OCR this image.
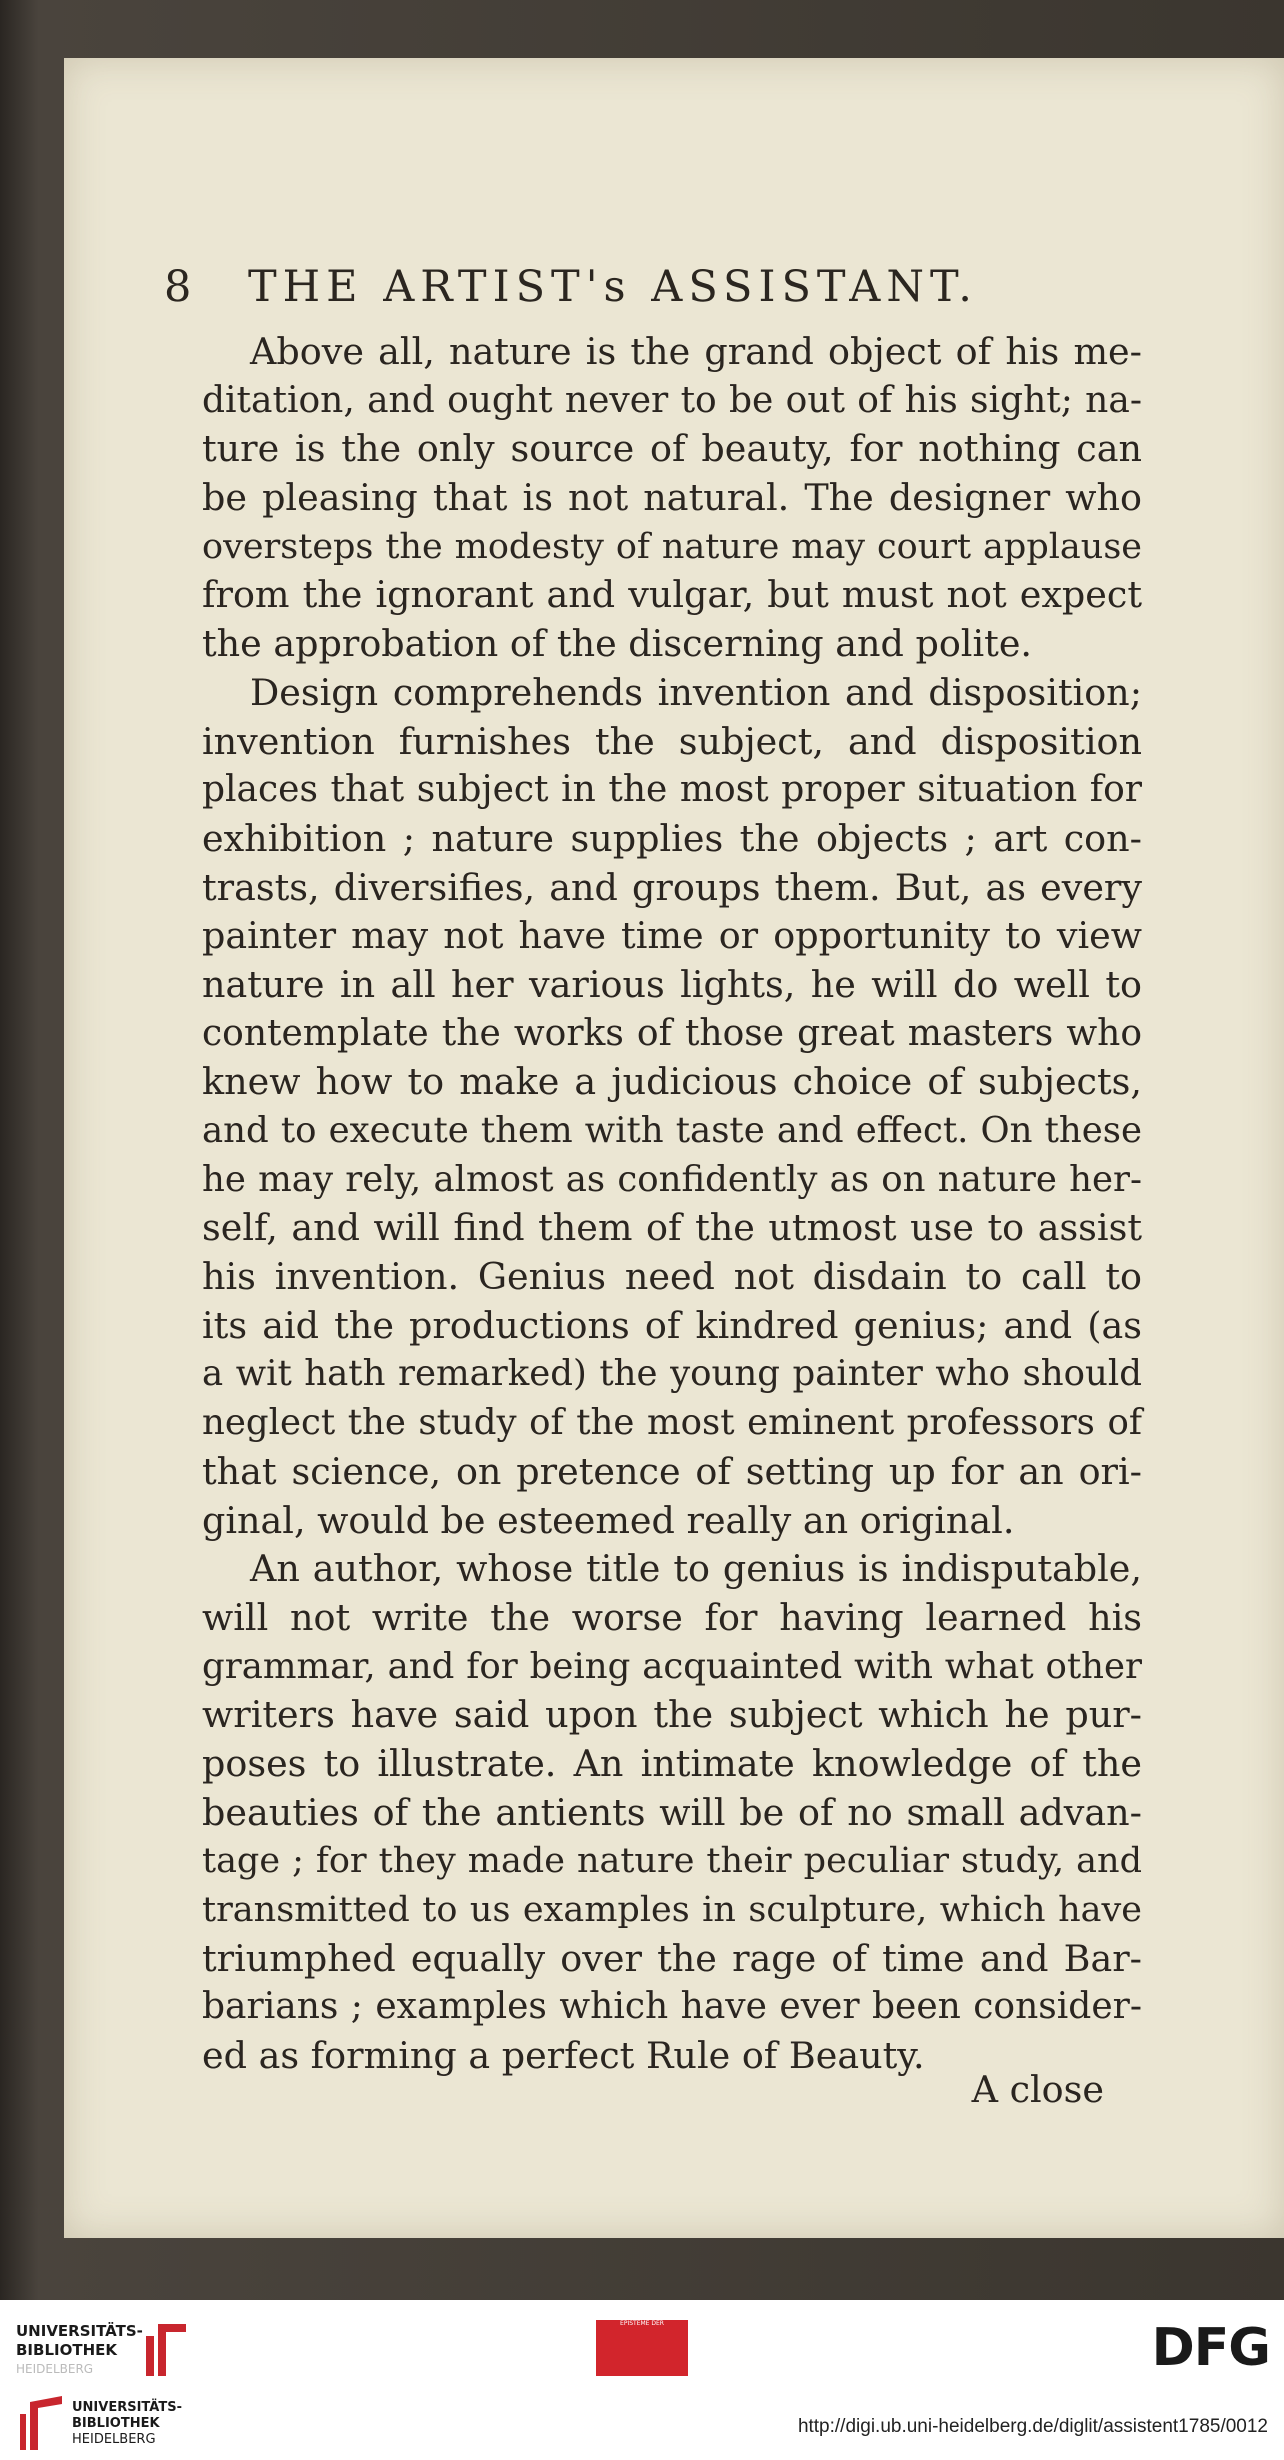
8 THE ARTIST's ASSISTANT.
Above all, nature is the grand object of his me-
ditation, and ought never to be out of his sight; na-
ture is the only source of beauty, for nothing can
be pleasing that is not natural. The designer who
oversteps the modesty of nature may court applause
from the ignorant and vulgar, but must not expect
the approbation of the discerning and polite.
Design comprehends invention and disposition;
invention furnishes the subject, and disposition
places that subject in the most proper situation for
exhibition ; nature supplies the objects ; art con-
trasts, diversifies, and groups them. But, as every
painter may not have time or opportunity to view
nature in all her various lights, he will do well to
contemplate the works of those great masters who
knew how to make a judicious choice of subjects,
and to execute them with taste and effect. On these
he may rely, almost as confidently as on nature her-
self, and will find them of the utmost use to assist
his invention. Genius need not disdain to call to
its aid the productions of kindred genius; and (as
a wit hath remarked) the young painter who should
neglect the study of the most eminent professors of
that science, on pretence of setting up for an ori-
ginal, would be esteemed really an original.
An author, whose title to genius is indisputable,
will not write the worse for having learned his
grammar, and for being acquainted with what other
writers have said upon the subject which he pur-
poses to illustrate. An intimate knowledge of the
beauties of the antients will be of no small advan-
tage ; for they made nature their peculiar study, and
transmitted to us examples in sculpture, which have
triumphed equally over the rage of time and Bar-
barians ; examples which have ever been consider-
ed as forming a perfect Rule of Beauty.
A close
UNIVERSITÄTS-
BIBLIOTHEK
HEIDELBERG
UNIVERSITÄTS-
BIBLIOTHEK
HEIDELBERG
EPISTEME DER	DFG
http://digi.ub.uni-heidelberg.de/diglit/assistent1785/0012
